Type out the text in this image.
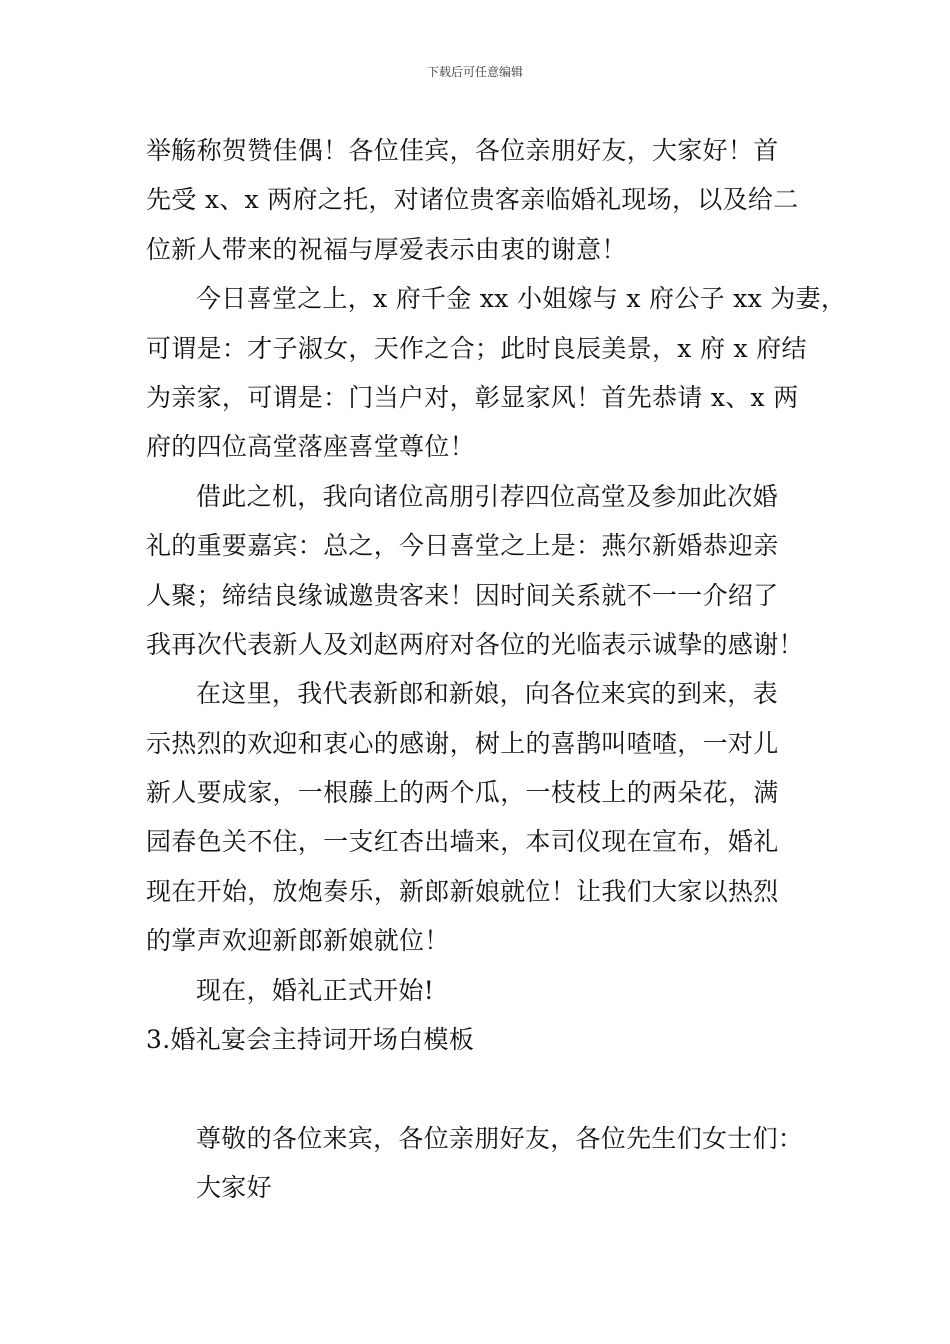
下载后可任意编辑
举觞称贺赞佳偶！各位佳宾，各位亲朋好友，大家好！首
先受 x、x 两府之托，对诸位贵客亲临婚礼现场，以及给二
位新人带来的祝福与厚爱表示由衷的谢意！
今日喜堂之上，x 府千金 xx 小姐嫁与 x 府公子 xx 为妻，
可谓是：才子淑女，天作之合；此时良辰美景，x 府 x 府结
为亲家，可谓是：门当户对，彰显家风！首先恭请 x、x 两
府的四位高堂落座喜堂尊位！
借此之机，我向诸位高朋引荐四位高堂及参加此次婚
礼的重要嘉宾：总之，今日喜堂之上是：燕尔新婚恭迎亲
人聚；缔结良缘诚邀贵客来！因时间关系就不一一介绍了
我再次代表新人及刘赵两府对各位的光临表示诚挚的感谢！
在这里，我代表新郎和新娘，向各位来宾的到来，表
示热烈的欢迎和衷心的感谢，树上的喜鹊叫喳喳，一对儿
新人要成家，一根藤上的两个瓜，一枝枝上的两朵花，满
园春色关不住，一支红杏出墙来，本司仪现在宣布，婚礼
现在开始，放炮奏乐，新郎新娘就位！让我们大家以热烈
的掌声欢迎新郎新娘就位！
现在，婚礼正式开始!
3.婚礼宴会主持词开场白模板
尊敬的各位来宾，各位亲朋好友，各位先生们女士们：
大家好
